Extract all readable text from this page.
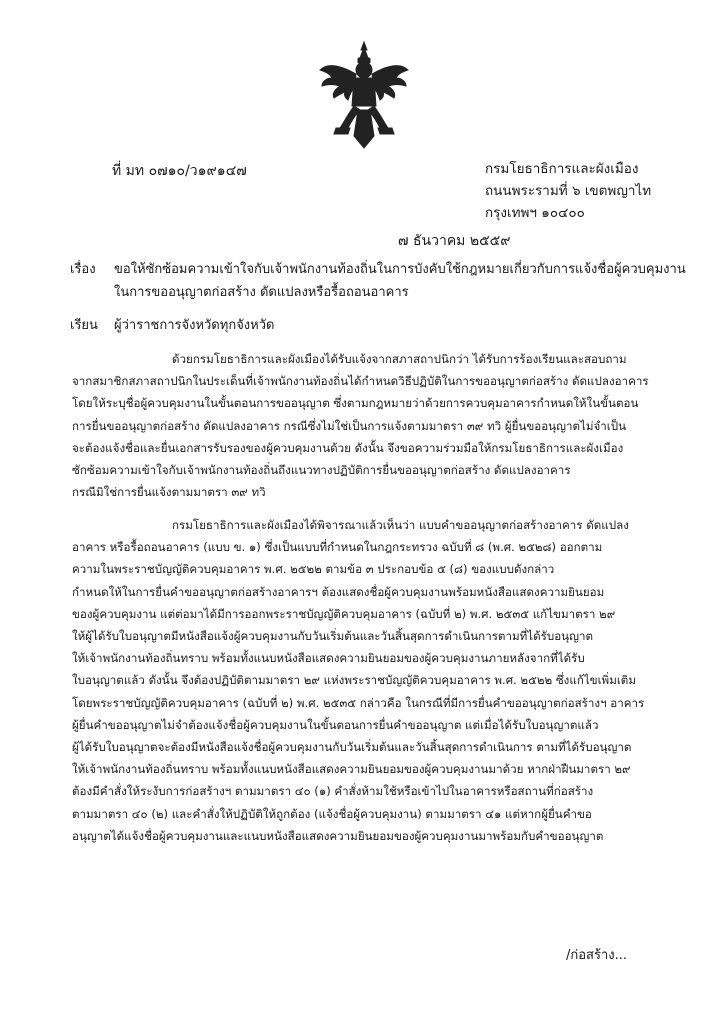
ที่ มท ๐๗๑๐/ว๑๙๑๔๗	กรมโยธาธิการและผังเมือง
ถนนพระรามที่ ๖ เขตพญาไท
กรุงเทพฯ ๑๐๔๐๐
๗ ธันวาคม ๒๕๕๙
เรื่อง ขอให้ซักซ้อมความเข้าใจกับเจ้าพนักงานท้องถิ่นในการบังคับใช้กฎหมายเกี่ยวกับการแจ้งชื่อผู้ควบคุมงาน
ในการขออนุญาตก่อสร้าง ดัดแปลงหรือรื้อถอนอาคาร
เรียน ผู้ว่าราชการจังหวัดทุกจังหวัด
ด้วยกรมโยธาธิการและผังเมืองได้รับแจ้งจากสภาสถาปนิกว่า ได้รับการร้องเรียนและสอบถาม
จากสมาชิกสภาสถาปนิกในประเด็นที่เจ้าพนักงานท้องถิ่นได้กำหนดวิธีปฏิบัติในการขออนุญาตก่อสร้าง ดัดแปลงอาคาร
โดยให้ระบุชื่อผู้ควบคุมงานในขั้นตอนการขออนุญาต ซึ่งตามกฎหมายว่าด้วยการควบคุมอาคารกำหนดให้ในขั้นตอน
การยื่นขออนุญาตก่อสร้าง ดัดแปลงอาคาร กรณีซึ่งไม่ใช่เป็นการแจ้งตามมาตรา ๓๙ ทวิ ผู้ยื่นขออนุญาตไม่จำเป็น
จะต้องแจ้งชื่อและยื่นเอกสารรับรองของผู้ควบคุมงานด้วย ดังนั้น จึงขอความร่วมมือให้กรมโยธาธิการและผังเมือง
ซักซ้อมความเข้าใจกับเจ้าพนักงานท้องถิ่นถึงแนวทางปฏิบัติการยื่นขออนุญาตก่อสร้าง ดัดแปลงอาคาร
กรณีมิใช่การยื่นแจ้งตามมาตรา ๓๙ ทวิ
กรมโยธาธิการและผังเมืองได้พิจารณาแล้วเห็นว่า แบบคำขออนุญาตก่อสร้างอาคาร ดัดแปลง
อาคาร หรือรื้อถอนอาคาร (แบบ ข. ๑) ซึ่งเป็นแบบที่กำหนดในกฎกระทรวง ฉบับที่ ๘ (พ.ศ. ๒๕๒๘) ออกตาม
ความในพระราชบัญญัติควบคุมอาคาร พ.ศ. ๒๕๒๒ ตามข้อ ๓ ประกอบข้อ ๕ (๘) ของแบบดังกล่าว
กำหนดให้ในการยื่นคำขออนุญาตก่อสร้างอาคารฯ ต้องแสดงชื่อผู้ควบคุมงานพร้อมหนังสือแสดงความยินยอม
ของผู้ควบคุมงาน แต่ต่อมาได้มีการออกพระราชบัญญัติควบคุมอาคาร (ฉบับที่ ๒) พ.ศ. ๒๕๓๕ แก้ไขมาตรา ๒๙
ให้ผู้ได้รับใบอนุญาตมีหนังสือแจ้งผู้ควบคุมงานกับวันเริ่มต้นและวันสิ้นสุดการดำเนินการตามที่ได้รับอนุญาต
ให้เจ้าพนักงานท้องถิ่นทราบ พร้อมทั้งแนบหนังสือแสดงความยินยอมของผู้ควบคุมงานภายหลังจากที่ได้รับ
ใบอนุญาตแล้ว ดังนั้น จึงต้องปฏิบัติตามมาตรา ๒๙ แห่งพระราชบัญญัติควบคุมอาคาร พ.ศ. ๒๕๒๒ ซึ่งแก้ไขเพิ่มเติม
โดยพระราชบัญญัติควบคุมอาคาร (ฉบับที่ ๒) พ.ศ. ๒๕๓๕ กล่าวคือ ในกรณีที่มีการยื่นคำขออนุญาตก่อสร้างฯ อาคาร
ผู้ยื่นคำขออนุญาตไม่จำต้องแจ้งชื่อผู้ควบคุมงานในขั้นตอนการยื่นคำขออนุญาต แต่เมื่อได้รับใบอนุญาตแล้ว
ผู้ได้รับใบอนุญาตจะต้องมีหนังสือแจ้งชื่อผู้ควบคุมงานกับวันเริ่มต้นและวันสิ้นสุดการดำเนินการ ตามที่ได้รับอนุญาต
ให้เจ้าพนักงานท้องถิ่นทราบ พร้อมทั้งแนบหนังสือแสดงความยินยอมของผู้ควบคุมงานมาด้วย หากฝ่าฝืนมาตรา ๒๙
ต้องมีคำสั่งให้ระงับการก่อสร้างฯ ตามมาตรา ๔๐ (๑) คำสั่งห้ามใช้หรือเข้าไปในอาคารหรือสถานที่ก่อสร้าง
ตามมาตรา ๔๐ (๒) และคำสั่งให้ปฏิบัติให้ถูกต้อง (แจ้งชื่อผู้ควบคุมงาน) ตามมาตรา ๔๑ แต่หากผู้ยื่นคำขอ
อนุญาตได้แจ้งชื่อผู้ควบคุมงานและแนบหนังสือแสดงความยินยอมของผู้ควบคุมงานมาพร้อมกับคำขออนุญาต
/ก่อสร้าง...
